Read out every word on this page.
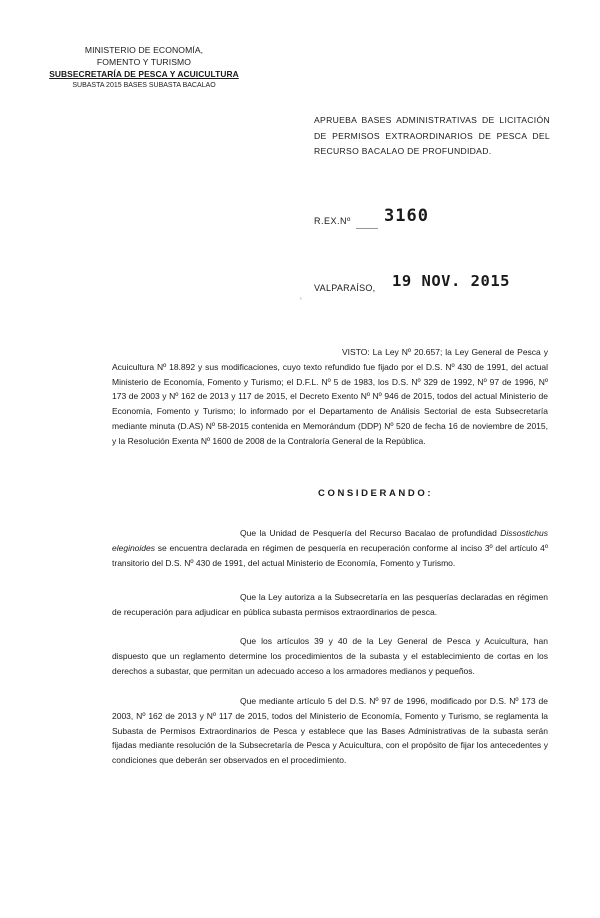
MINISTERIO DE ECONOMÍA,
FOMENTO Y TURISMO
SUBSECRETARÍA DE PESCA Y ACUICULTURA
SUBASTA 2015 BASES SUBASTA BACALAO
APRUEBA BASES ADMINISTRATIVAS DE LICITACIÓN DE PERMISOS EXTRAORDINARIOS DE PESCA DEL RECURSO BACALAO DE PROFUNDIDAD.
R.EX.Nº 3160
VALPARAÍSO, 19 NOV. 2015
'

VISTO: La Ley Nº 20.657; la Ley General de Pesca y Acuicultura Nº 18.892 y sus modificaciones, cuyo texto refundido fue fijado por el D.S. Nº 430 de 1991, del actual Ministerio de Economía, Fomento y Turismo; el D.F.L. Nº 5 de 1983, los D.S. Nº 329 de 1992, Nº 97 de 1996, Nº 173 de 2003 y Nº 162 de 2013 y 117 de 2015, el Decreto Exento Nº Nº 946 de 2015, todos del actual Ministerio de Economía, Fomento y Turismo; lo informado por el Departamento de Análisis Sectorial de esta Subsecretaría mediante minuta (D.AS) Nº 58-2015 contenida en Memorándum (DDP) Nº 520 de fecha 16 de noviembre de 2015, y la Resolución Exenta Nº 1600 de 2008 de la Contraloría General de la República.

CONSIDERANDO:

Que la Unidad de Pesquería del Recurso Bacalao de profundidad Dissostichus eleginoides se encuentra declarada en régimen de pesquería en recuperación conforme al inciso 3º del artículo 4º transitorio del D.S. Nº 430 de 1991, del actual Ministerio de Economía, Fomento y Turismo.

Que la Ley autoriza a la Subsecretaría en las pesquerías declaradas en régimen de recuperación para adjudicar en pública subasta permisos extraordinarios de pesca.

Que los artículos 39 y 40 de la Ley General de Pesca y Acuicultura, han dispuesto que un reglamento determine los procedimientos de la subasta y el establecimiento de cortas en los derechos a subastar, que permitan un adecuado acceso a los armadores medianos y pequeños.

Que mediante artículo 5 del D.S. Nº 97 de 1996, modificado por D.S. Nº 173 de 2003, Nº 162 de 2013 y Nº 117 de 2015, todos del Ministerio de Economía, Fomento y Turismo, se reglamenta la Subasta de Permisos Extraordinarios de Pesca y establece que las Bases Administrativas de la subasta serán fijadas mediante resolución de la Subsecretaría de Pesca y Acuicultura, con el propósito de fijar los antecedentes y condiciones que deberán ser observados en el procedimiento.
